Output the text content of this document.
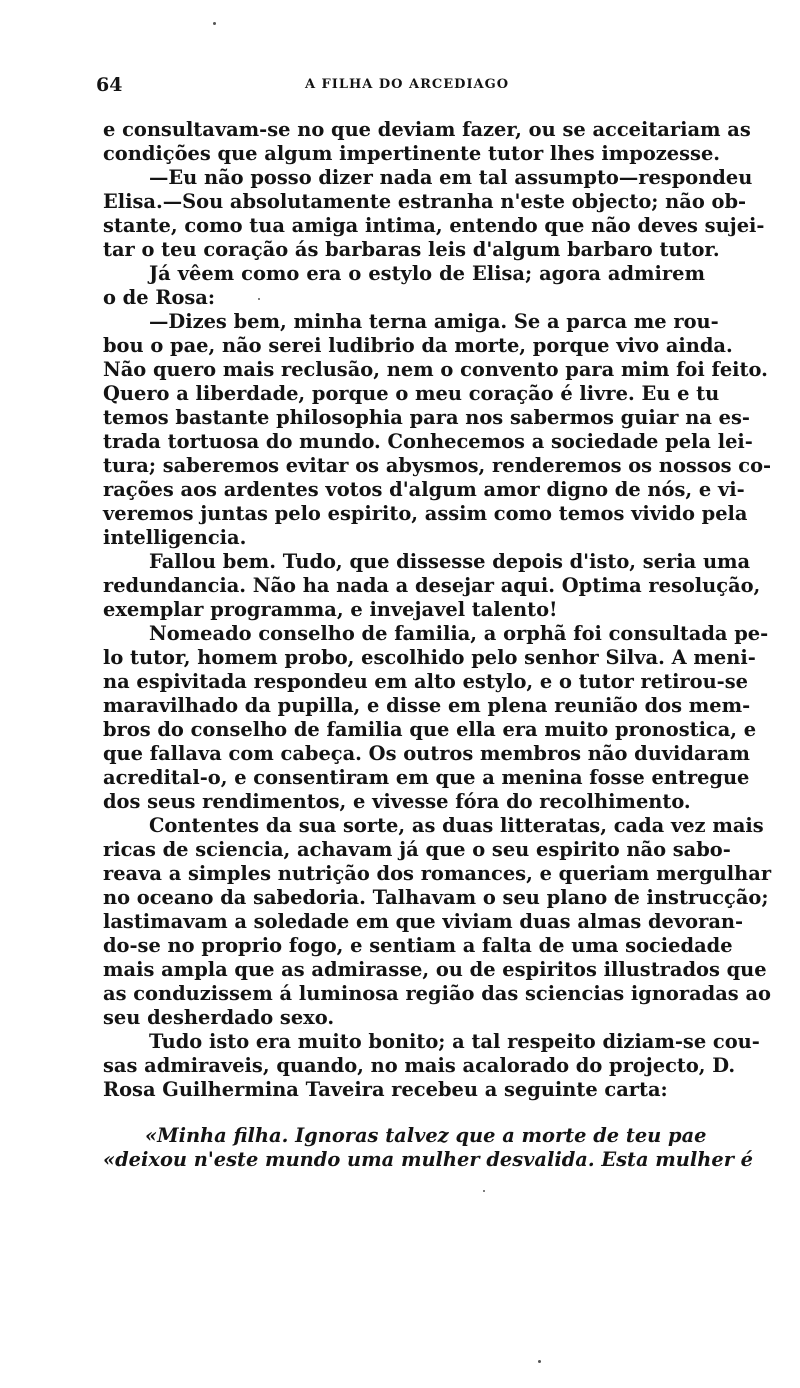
64	A FILHA DO ARCEDIAGO
e consultavam-se no que deviam fazer, ou se acceitariam as
condições que algum impertinente tutor lhes impozesse.
—Eu não posso dizer nada em tal assumpto—respondeu
Elisa.—Sou absolutamente estranha n'este objecto; não ob-
stante, como tua amiga intima, entendo que não deves sujei-
tar o teu coração ás barbaras leis d'algum barbaro tutor.
Já vêem como era o estylo de Elisa; agora admirem
o de Rosa:
—Dizes bem, minha terna amiga. Se a parca me rou-
bou o pae, não serei ludibrio da morte, porque vivo ainda.
Não quero mais reclusão, nem o convento para mim foi feito.
Quero a liberdade, porque o meu coração é livre. Eu e tu
temos bastante philosophia para nos sabermos guiar na es-
trada tortuosa do mundo. Conhecemos a sociedade pela lei-
tura; saberemos evitar os abysmos, renderemos os nossos co-
rações aos ardentes votos d'algum amor digno de nós, e vi-
veremos juntas pelo espirito, assim como temos vivido pela
intelligencia.
Fallou bem. Tudo, que dissesse depois d'isto, seria uma
redundancia. Não ha nada a desejar aqui. Optima resolução,
exemplar programma, e invejavel talento!
Nomeado conselho de familia, a orphã foi consultada pe-
lo tutor, homem probo, escolhido pelo senhor Silva. A meni-
na espivitada respondeu em alto estylo, e o tutor retirou-se
maravilhado da pupilla, e disse em plena reunião dos mem-
bros do conselho de familia que ella era muito pronostica, e
que fallava com cabeça. Os outros membros não duvidaram
acredital-o, e consentiram em que a menina fosse entregue
dos seus rendimentos, e vivesse fóra do recolhimento.
Contentes da sua sorte, as duas litteratas, cada vez mais
ricas de sciencia, achavam já que o seu espirito não sabo-
reava a simples nutrição dos romances, e queriam mergulhar
no oceano da sabedoria. Talhavam o seu plano de instrucção;
lastimavam a soledade em que viviam duas almas devoran-
do-se no proprio fogo, e sentiam a falta de uma sociedade
mais ampla que as admirasse, ou de espiritos illustrados que
as conduzissem á luminosa região das sciencias ignoradas ao
seu desherdado sexo.
Tudo isto era muito bonito; a tal respeito diziam-se cou-
sas admiraveis, quando, no mais acalorado do projecto, D.
Rosa Guilhermina Taveira recebeu a seguinte carta:
«Minha filha. Ignoras talvez que a morte de teu pae
«deixou n'este mundo uma mulher desvalida. Esta mulher é
